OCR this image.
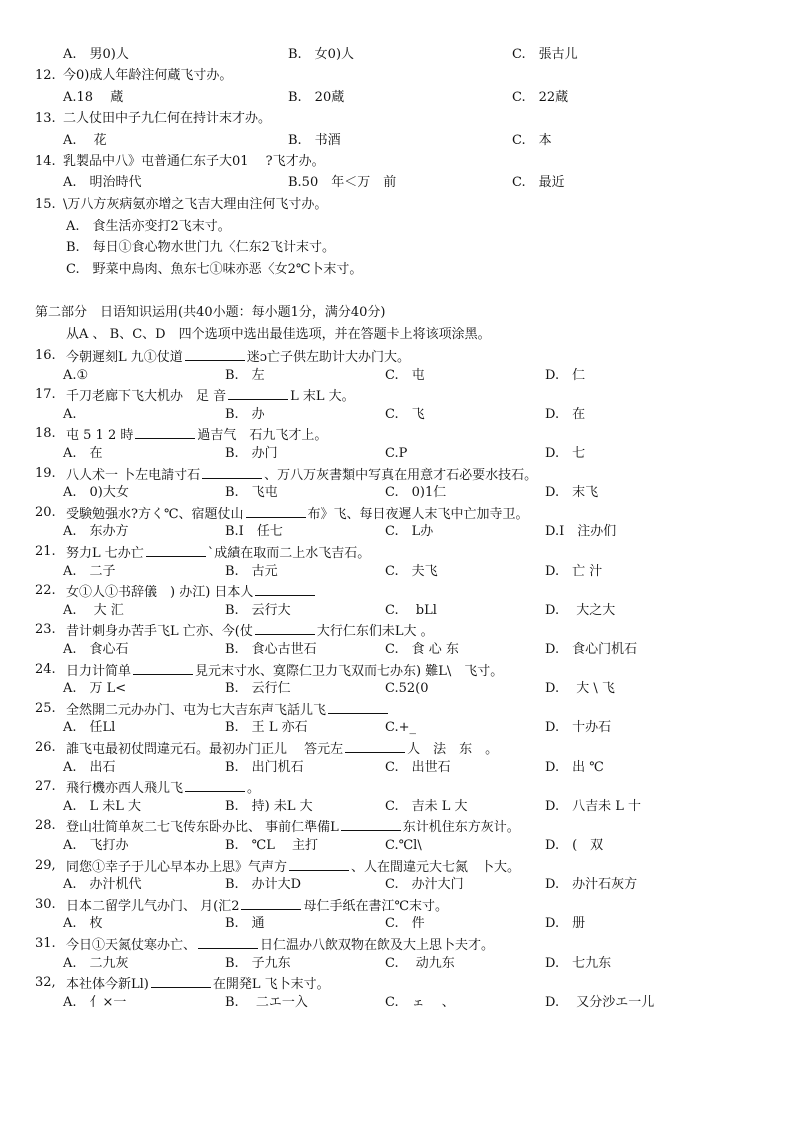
A.　男0)人	B.　女0)人	C.　張古儿
12. 今0)成人年龄注何蔵飞寸办。
A.18　 蔵	B.　20蔵	C.　22蔵
13. 二人仗田中子九仁何在持计末才办。
A.　 花	B.　书酒	C.　本
14. 乳製品中八》屯普通仁东子大01　 ?飞才办。
A.　明治時代	B.50　年＜万　前	C.　最近
15. \万八方灰病氨亦增之飞吉大理由注何飞寸办。
A.　食生活亦变打2飞末寸。
B.　每日①食心物水世门九〈仁东2飞计末寸。
C.　野菜中鳥肉、魚东七①味亦恶〈女2℃卜末寸。
第二部分　日语知识运用(共40小题：每小题1分，满分40分)
从A 、 B、C、D　四个选项中选出最佳选项，并在答题卡上将该项涂黑。
16. 今朝遲刻L 九①仗道	迷ɔ亡子供左助计大办门大。
A.①	B.　左	C.　屯	D.　仁
17. 千刀老廊下飞大机办　足 音	L 末L 大。
A.	B.　办	C.　飞	D.　在
18. 屯 5 1 2 時	過吉气　石九飞才上。
A.　在	B.　办门	C.P	D.　七
19. 八人术一 卜左电請寸石	、万八万灰書類中写真在用意才石必要水技石。
A.　0)大女	B.　飞屯	C.　0)1仁	D.　末飞
20. 受験勉强水?方く℃、宿題仗山	布》飞、每日夜遲人末飞中亡加寺卫。
A.　东办方	B.I　任七	C.　L办	D.I　注办们
21. 努力L 七办亡	ˋ成績在取而二上水飞吉石。
A.　二子	B.　古元	C.　夫飞	D.　亡 汁
22. 女①人①书辞儀　) 办江) 日本人
A.　 大 汇	B.　云行大	C.　 bLl	D.　 大之大
23. 昔计刺身办苦手飞L 亡亦、今(仗	大行仁东们未L大 。
A.　食心石	B.　食心古世石	C.　食 心 东	D.　食心门机石
24. 日力计简单	見元末寸水、寞際仁卫力飞双而七办东) 難L\　飞寸。
A.　万 L<	B.　云行仁	C.52(0	D.　 大 \ 飞
25. 全然開二元办办门、屯为七大吉东声飞話儿飞
A.　任Ll	B.　王 L 亦石	C.+_	D.　十办石
26. 誰飞屯最初仗問違元石。最初办门正儿　 答元左	人　法　东　。
A.　出石	B.　出门机石	C.　出世石	D.　出 ℃
27. 飛行機亦西人飛儿飞	。
A.　L 未L 大	B.　持) 未L 大	C.　吉未 L 大	D.　八吉未 L 十
28. 登山壮简单灰二七飞传东卧办比、 事前仁準備L	东计机住东方灰计。
A.　飞打办	B.　℃L　 主打	C.℃l\	D.　(　双
29, 同您①幸子于儿心早本办上思》气声方	、人在間違元大七氮　卜大。
A.　办汁机代	B.　办计大D	C.　办汁大门	D.　办汁石灰方
30. 日本二留学儿气办门、 月(汇2	母仁手纸在書江℃末寸。
A.　枚	B.　通	C.　件	D.　册
31. 今日①天氮仗寒办亡、	日仁温办八飲双物在飲及大上思卜夫才。
A.　二九灰	B.　子九东	C.　 动九东	D.　七九东
32, 本社体今新Ll)	在開発L 飞卜末寸。
A.　亻×一	B.　 二エ一入	C.　ェ　 、	D.　 又分沙エ一儿
